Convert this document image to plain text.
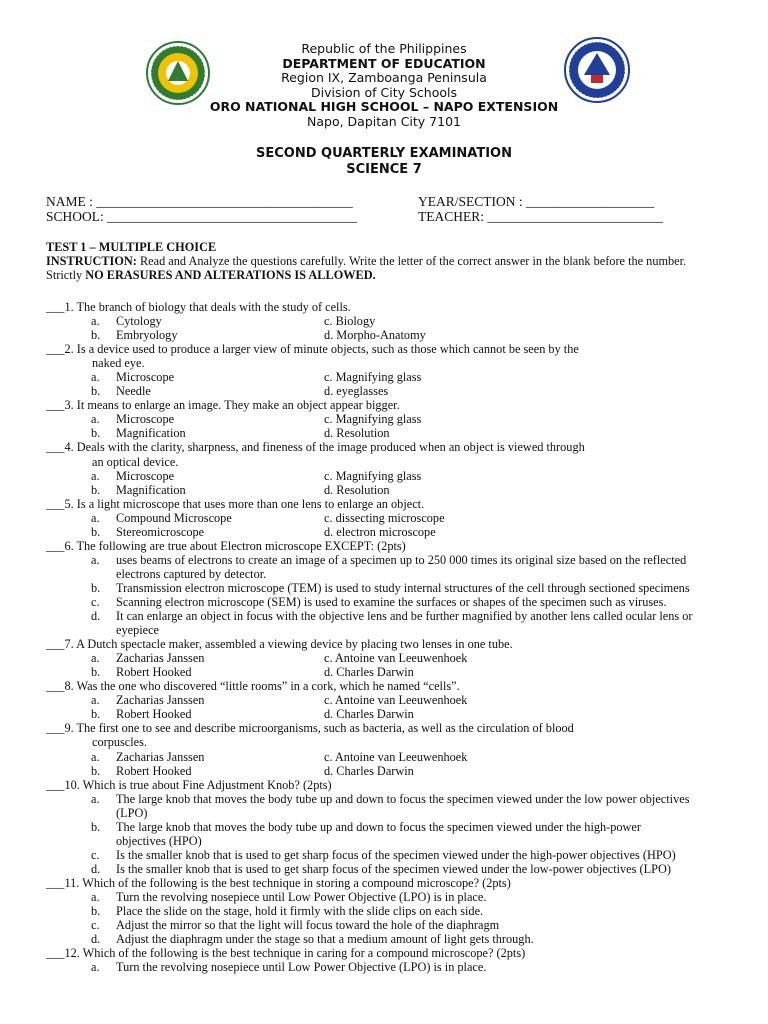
Republic of the Philippines
DEPARTMENT OF EDUCATION
Region IX, Zamboanga Peninsula
Division of City Schools
ORO NATIONAL HIGH SCHOOL – NAPO EXTENSION
Napo, Dapitan City 7101
SECOND QUARTERLY EXAMINATION
SCIENCE 7
NAME : ______________________________________	YEAR/SECTION : ___________________
SCHOOL: _____________________________________	TEACHER: __________________________
TEST 1 – MULTIPLE CHOICE
INSTRUCTION: Read and Analyze the questions carefully. Write the letter of the correct answer in the blank before the number.
Strictly NO ERASURES AND ALTERATIONS IS ALLOWED.
___1. The branch of biology that deals with the study of cells.
a. Cytology	c. Biology
b. Embryology	d. Morpho-Anatomy
___2. Is a device used to produce a larger view of minute objects, such as those which cannot be seen by the
naked eye.
a. Microscope	c. Magnifying glass
b. Needle	d. eyeglasses
___3. It means to enlarge an image. They make an object appear bigger.
a. Microscope	c. Magnifying glass
b. Magnification	d. Resolution
___4. Deals with the clarity, sharpness, and fineness of the image produced when an object is viewed through
an optical device.
a. Microscope	c. Magnifying glass
b. Magnification	d. Resolution
___5. Is a light microscope that uses more than one lens to enlarge an object.
a. Compound Microscope	c. dissecting microscope
b. Stereomicroscope	d. electron microscope
___6. The following are true about Electron microscope EXCEPT: (2pts)
a. uses beams of electrons to create an image of a specimen up to 250 000 times its original size based on the reflected
electrons captured by detector.
b. Transmission electron microscope (TEM) is used to study internal structures of the cell through sectioned specimens
c. Scanning electron microscope (SEM) is used to examine the surfaces or shapes of the specimen such as viruses.
d. It can enlarge an object in focus with the objective lens and be further magnified by another lens called ocular lens or
eyepiece
___7. A Dutch spectacle maker, assembled a viewing device by placing two lenses in one tube.
a. Zacharias Janssen	c. Antoine van Leeuwenhoek
b. Robert Hooked	d. Charles Darwin
___8. Was the one who discovered “little rooms” in a cork, which he named “cells”.
a. Zacharias Janssen	c. Antoine van Leeuwenhoek
b. Robert Hooked	d. Charles Darwin
___9. The first one to see and describe microorganisms, such as bacteria, as well as the circulation of blood
corpuscles.
a. Zacharias Janssen	c. Antoine van Leeuwenhoek
b. Robert Hooked	d. Charles Darwin
___10. Which is true about Fine Adjustment Knob? (2pts)
a. The large knob that moves the body tube up and down to focus the specimen viewed under the low power objectives
(LPO)
b. The large knob that moves the body tube up and down to focus the specimen viewed under the high-power
objectives (HPO)
c. Is the smaller knob that is used to get sharp focus of the specimen viewed under the high-power objectives (HPO)
d. Is the smaller knob that is used to get sharp focus of the specimen viewed under the low-power objectives (LPO)
___11. Which of the following is the best technique in storing a compound microscope? (2pts)
a. Turn the revolving nosepiece until Low Power Objective (LPO) is in place.
b. Place the slide on the stage, hold it firmly with the slide clips on each side.
c. Adjust the mirror so that the light will focus toward the hole of the diaphragm
d. Adjust the diaphragm under the stage so that a medium amount of light gets through.
___12. Which of the following is the best technique in caring for a compound microscope? (2pts)
a. Turn the revolving nosepiece until Low Power Objective (LPO) is in place.
